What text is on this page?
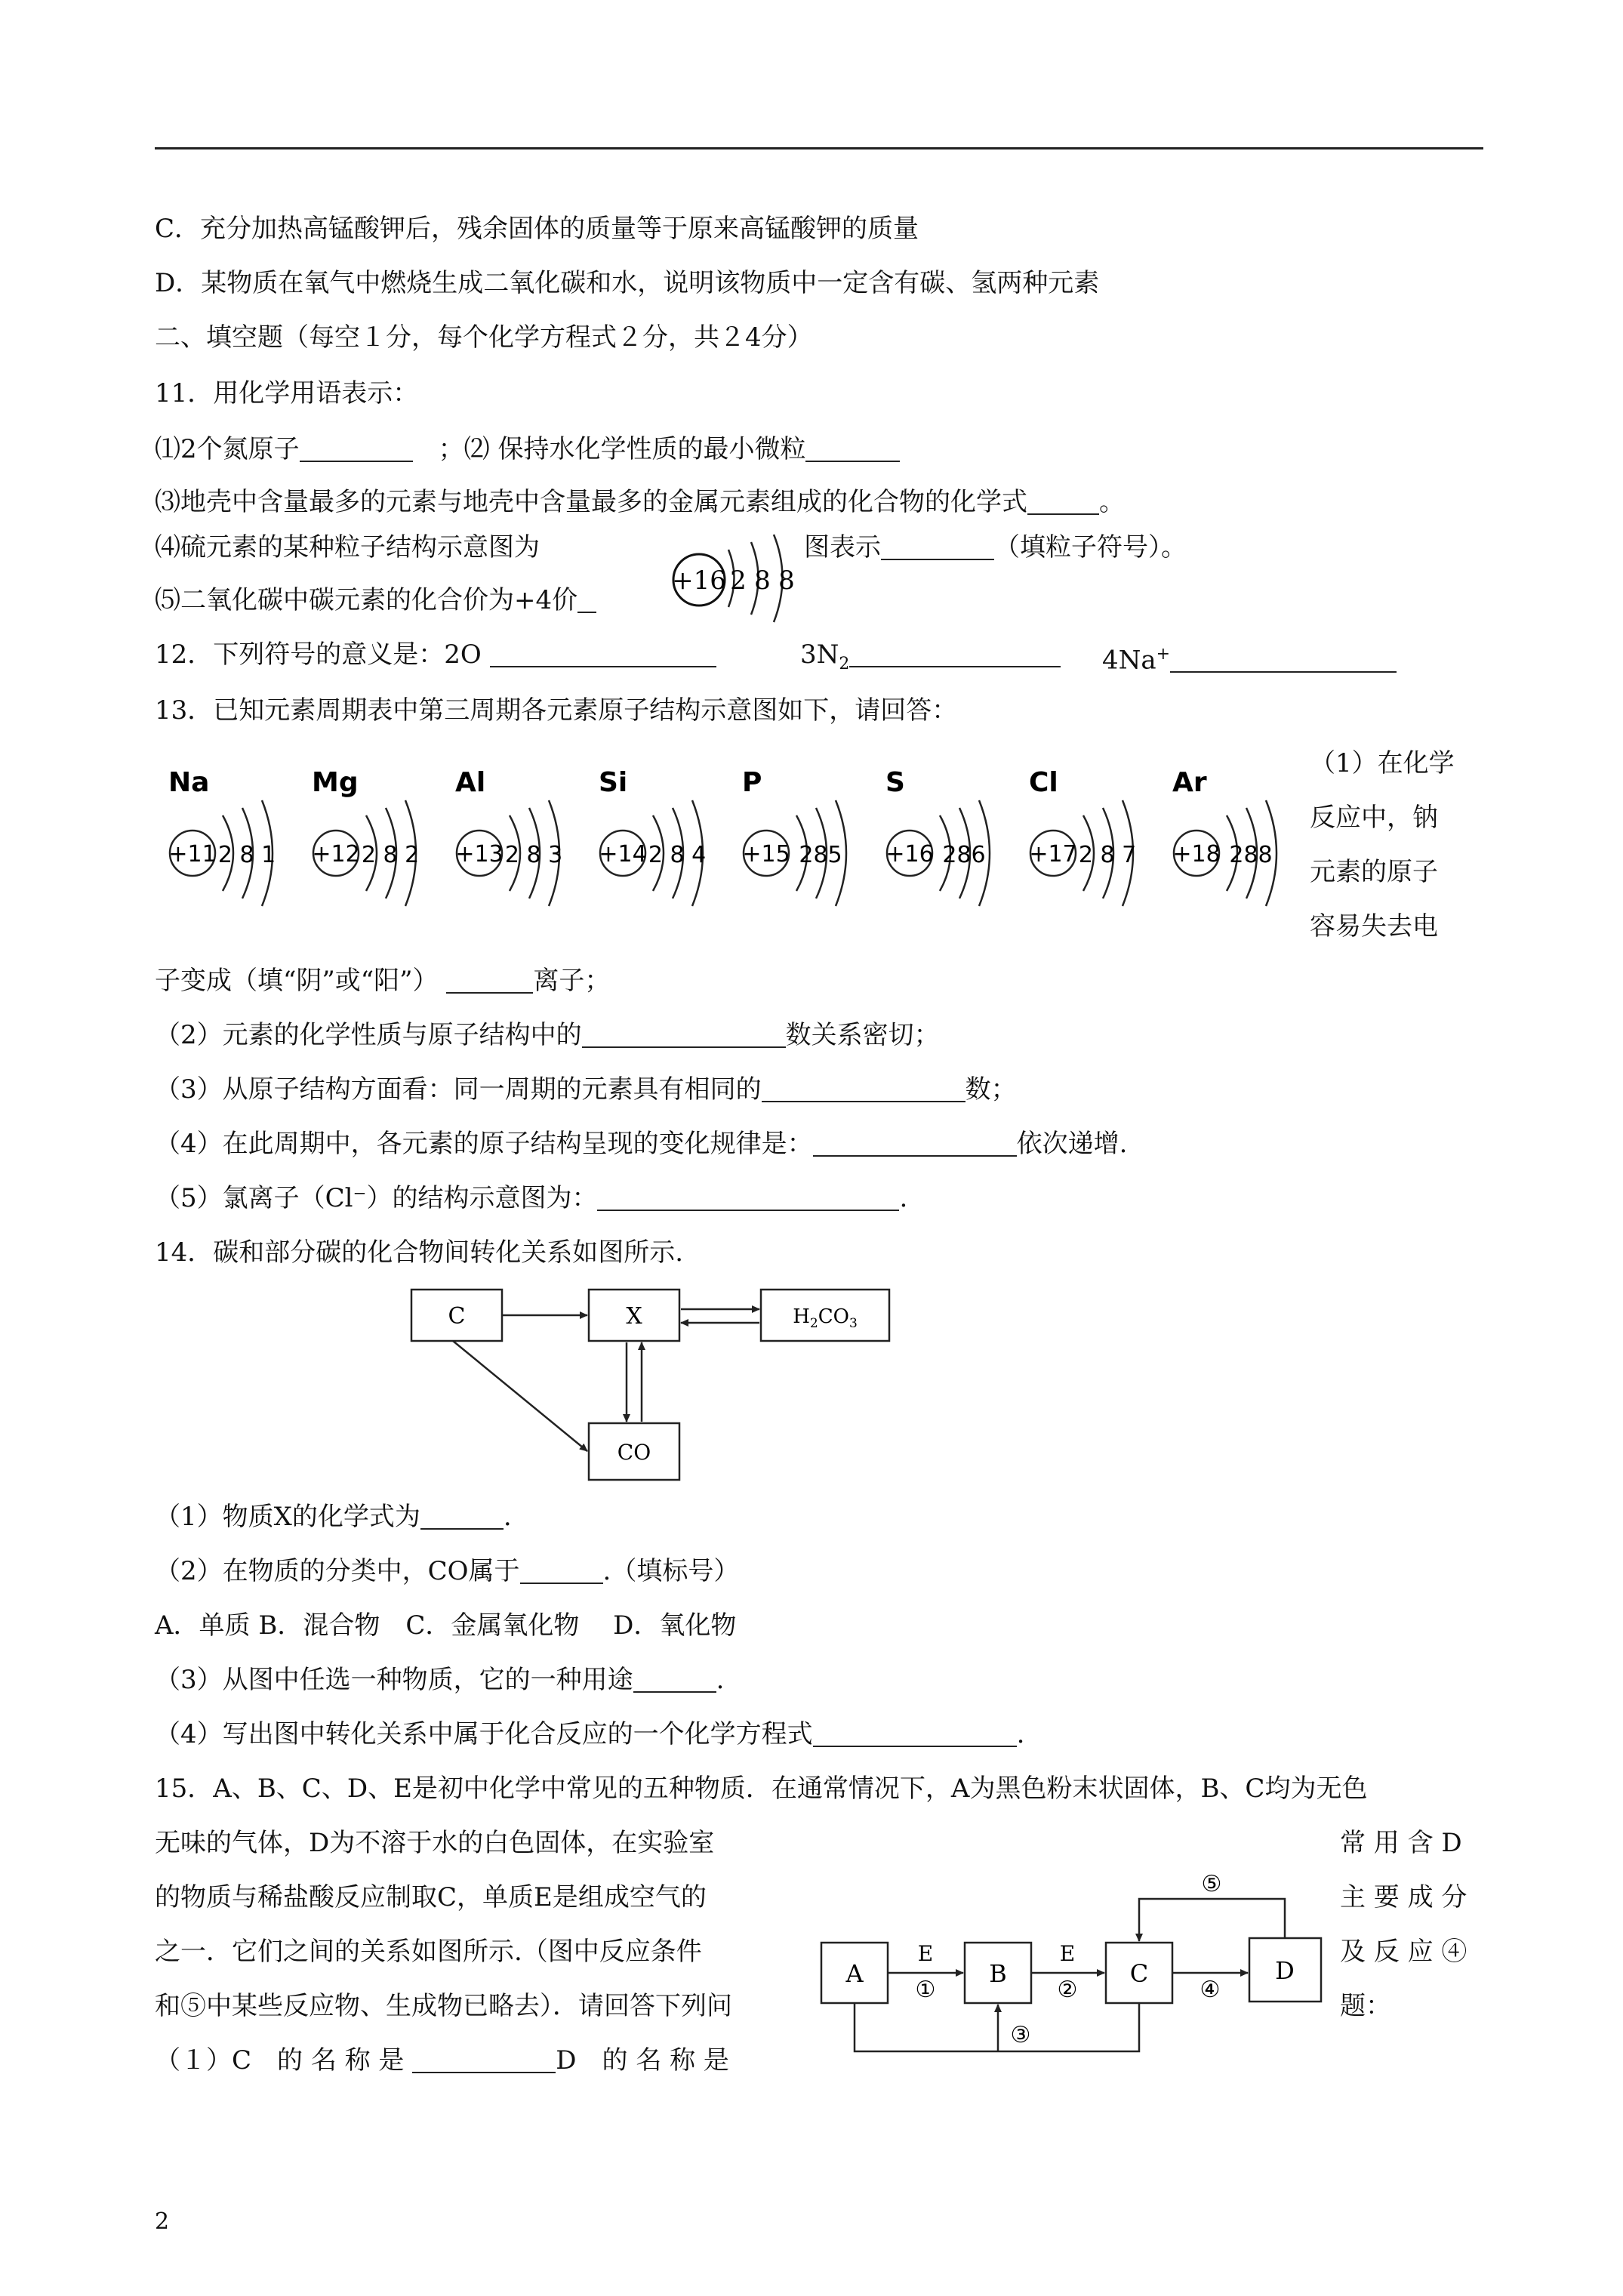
C．充分加热高锰酸钾后，残余固体的质量等于原来高锰酸钾的质量
D．某物质在氧气中燃烧生成二氧化碳和水，说明该物质中一定含有碳、氢两种元素
二、填空题（每空１分，每个化学方程式２分，共２4分）
11．用化学用语表示：
⑴2个氮原子　	；⑵ 保持水化学性质的最小微粒
⑶地壳中含量最多的元素与地壳中含量最多的金属元素组成的化合物的化学式	。
⑷硫元素的某种粒子结构示意图为	图表示	（填粒子符号）。
+16 2 8 8
⑸二氧化碳中碳元素的化合价为+4价
12．下列符号的意义是：2O	$3N_2$	4Na+
13．已知元素周期表中第三周期各元素原子结构示意图如下，请回答：
Na
+11 2 8 1
Mg
+12 2 8 2
Al
+13 2 8 3
Si
+14 2 8 4
P
+15 285
S
+16 286
Cl
+17 2 8 7
Ar
+18 288
（1）在化学
反应中，钠
元素的原子
容易失去电
子变成（填“阴”或“阳”）	离子；
（2）元素的化学性质与原子结构中的	数关系密切；
（3）从原子结构方面看：同一周期的元素具有相同的	数；
（4）在此周期中，各元素的原子结构呈现的变化规律是：	依次递增.
（5）氯离子（Cl⁻）的结构示意图为：	.
14．碳和部分碳的化合物间转化关系如图所示.
C	X	$H_2CO_3$
CO
（1）物质X的化学式为	.
（2）在物质的分类中，CO属于	.（填标号）
A．单质 B．混合物　C．金属氧化物　 D．氧化物
（3）从图中任选一种物质，它的一种用途	.
（4）写出图中转化关系中属于化合反应的一个化学方程式	.
15．A、B、C、D、E是初中化学中常见的五种物质．在通常情况下，A为黑色粉末状固体，B、C均为无色
无味的气体，D为不溶于水的白色固体，在实验室
的物质与稀盐酸反应制取C，单质E是组成空气的
之一．它们之间的关系如图所示.（图中反应条件
和⑤中某些反应物、生成物已略去）．请回答下列问
（１）C　的 名 称 是	D　的 名 称 是
常 用 含 D
主 要 成 分
及 反 应 ④
题：
A	B	C	D
E
①
E
②	④
⑤
③
2
